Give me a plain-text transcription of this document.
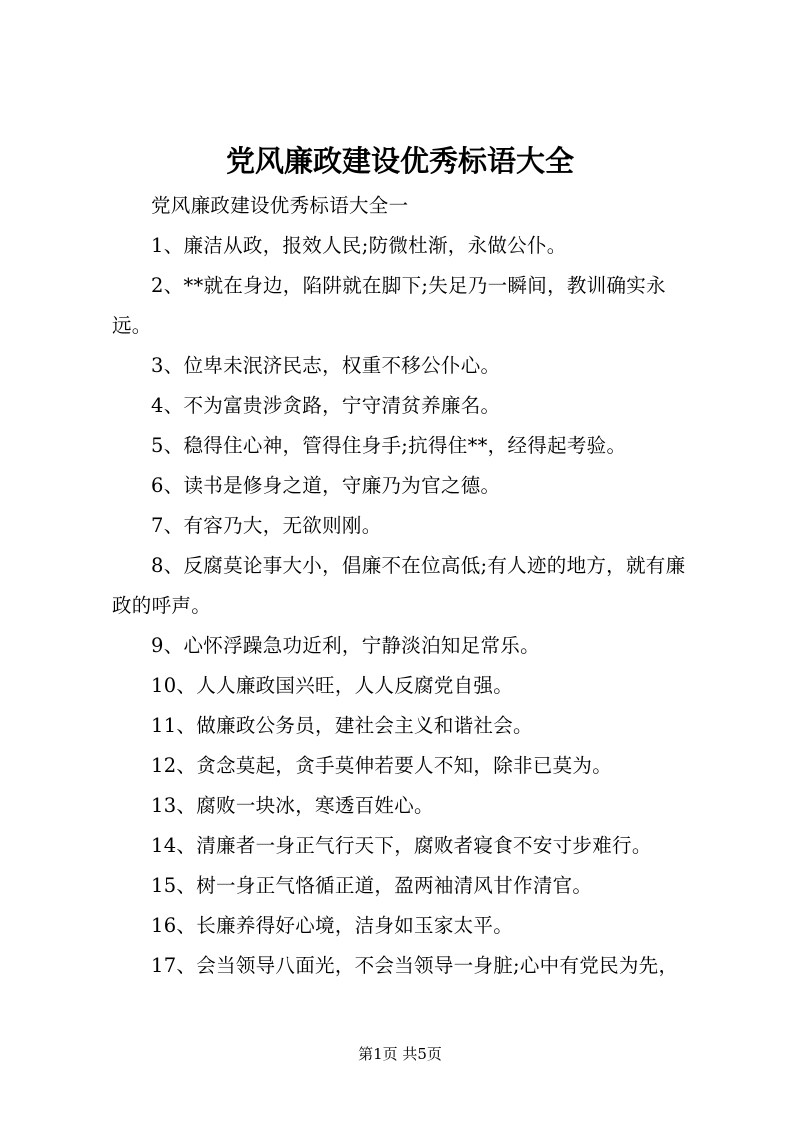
党风廉政建设优秀标语大全

党风廉政建设优秀标语大全一

1、廉洁从政，报效人民;防微杜渐，永做公仆。

2、**就在身边，陷阱就在脚下;失足乃一瞬间，教训确实永远。

3、位卑未泯济民志，权重不移公仆心。

4、不为富贵涉贪路，宁守清贫养廉名。

5、稳得住心神，管得住身手;抗得住**，经得起考验。

6、读书是修身之道，守廉乃为官之德。

7、有容乃大，无欲则刚。

8、反腐莫论事大小，倡廉不在位高低;有人迹的地方，就有廉政的呼声。

9、心怀浮躁急功近利，宁静淡泊知足常乐。

10、人人廉政国兴旺，人人反腐党自强。

11、做廉政公务员，建社会主义和谐社会。

12、贪念莫起，贪手莫伸若要人不知，除非已莫为。

13、腐败一块冰，寒透百姓心。

14、清廉者一身正气行天下，腐败者寝食不安寸步难行。

15、树一身正气恪循正道，盈两袖清风甘作清官。

16、长廉养得好心境，洁身如玉家太平。

17、会当领导八面光，不会当领导一身脏;心中有党民为先，

第1页 共5页
